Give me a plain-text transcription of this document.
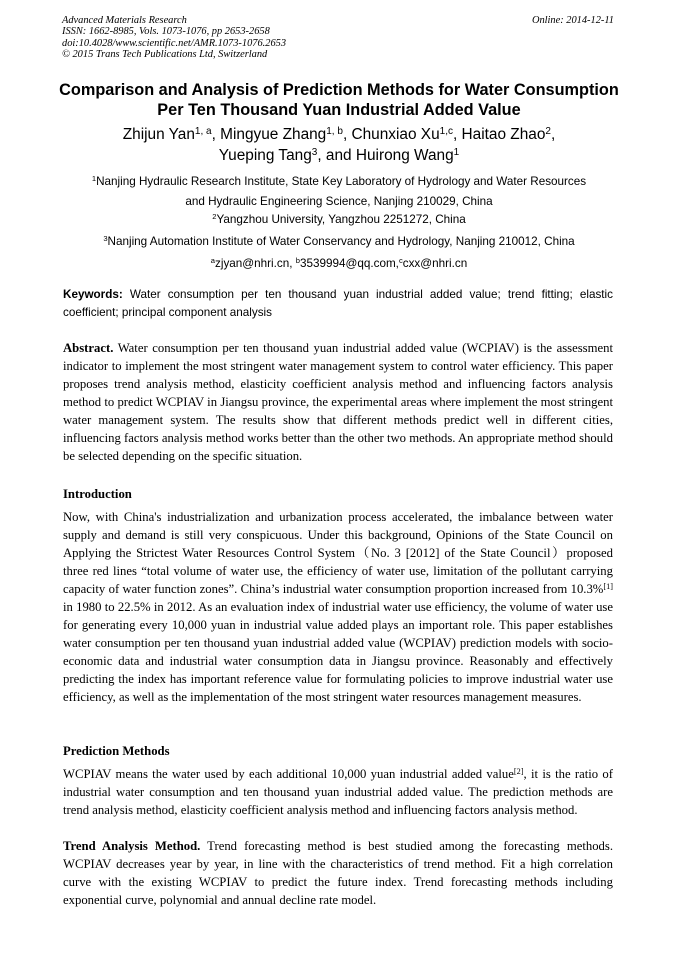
Advanced Materials Research
ISSN: 1662-8985, Vols. 1073-1076, pp 2653-2658
doi:10.4028/www.scientific.net/AMR.1073-1076.2653
© 2015 Trans Tech Publications Ltd, Switzerland
Online: 2014-12-11
Comparison and Analysis of Prediction Methods for Water Consumption
Per Ten Thousand Yuan Industrial Added Value
Zhijun Yan$^{1, a}$, Mingyue Zhang$^{1, b}$, Chunxiao Xu$^{1,c}$, Haitao Zhao$^2$,
Yueping Tang$^3$, and Huirong Wang$^1$
$^1$Nanjing Hydraulic Research Institute, State Key Laboratory of Hydrology and Water Resources
and Hydraulic Engineering Science, Nanjing 210029, China
$^2$Yangzhou University, Yangzhou 2251272, China
$^3$Nanjing Automation Institute of Water Conservancy and Hydrology, Nanjing 210012, China
$^a$zjyan@nhri.cn, $^b$3539994@qq.com,$^c$cxx@nhri.cn
Keywords: Water consumption per ten thousand yuan industrial added value; trend fitting; elastic coefficient; principal component analysis
Abstract. Water consumption per ten thousand yuan industrial added value (WCPIAV) is the assessment indicator to implement the most stringent water management system to control water efficiency. This paper proposes trend analysis method, elasticity coefficient analysis method and influencing factors analysis method to predict WCPIAV in Jiangsu province, the experimental areas where implement the most stringent water management system. The results show that different methods predict well in different cities, influencing factors analysis method works better than the other two methods. An appropriate method should be selected depending on the specific situation.
Introduction
Now, with China's industrialization and urbanization process accelerated, the imbalance between water supply and demand is still very conspicuous. Under this background, Opinions of the State Council on Applying the Strictest Water Resources Control System（No. 3 [2012] of the State Council）proposed three red lines “total volume of water use, the efficiency of water use, limitation of the pollutant carrying capacity of water function zones”. China’s industrial water consumption proportion increased from 10.3%[1] in 1980 to 22.5% in 2012. As an evaluation index of industrial water use efficiency, the volume of water use for generating every 10,000 yuan in industrial value added plays an important role. This paper establishes water consumption per ten thousand yuan industrial added value (WCPIAV) prediction models with socio-economic data and industrial water consumption data in Jiangsu province. Reasonably and effectively predicting the index has important reference value for formulating policies to improve industrial water use efficiency, as well as the implementation of the most stringent water resources management measures.
Prediction Methods
WCPIAV means the water used by each additional 10,000 yuan industrial added value[2], it is the ratio of industrial water consumption and ten thousand yuan industrial added value. The prediction methods are trend analysis method, elasticity coefficient analysis method and influencing factors analysis method.
Trend Analysis Method. Trend forecasting method is best studied among the forecasting methods. WCPIAV decreases year by year, in line with the characteristics of trend method. Fit a high correlation curve with the existing WCPIAV to predict the future index. Trend forecasting methods including exponential curve, polynomial and annual decline rate model.
